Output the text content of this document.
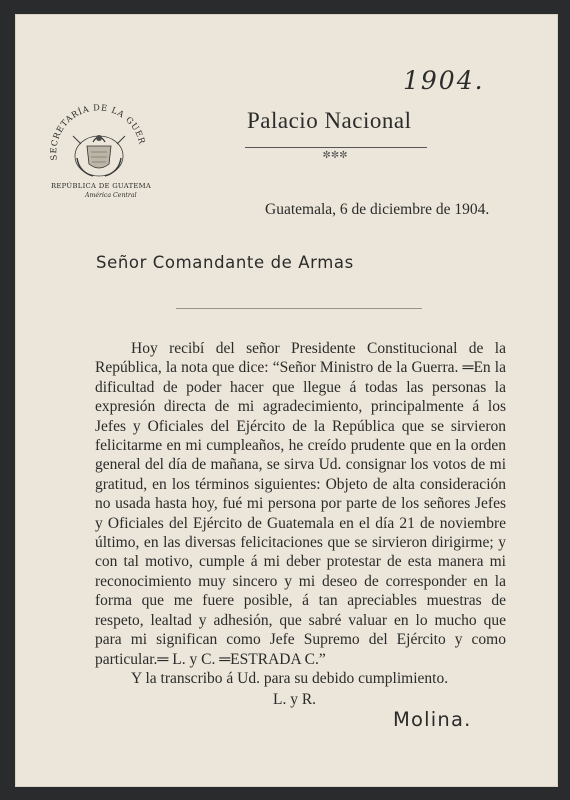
SECRETARÍA DE LA GUER
REPÚBLICA DE GUATEMALA
América Central
1904.
Palacio Nacional
✼✼✼
Guatemala, 6 de diciembre de 1904.
Señor Comandante de Armas

Hoy recibí del señor Presidente Constitucional de la República, la nota que dice: “Señor Ministro de la Guerra. ═En la dificultad de poder hacer que llegue á todas las personas la expresión directa de mi agradecimiento, principalmente á los Jefes y Oficiales del Ejército de la República que se sirvieron felicitarme en mi cumpleaños, he creído prudente que en la orden general del día de mañana, se sirva Ud. consignar los votos de mi gratitud, en los términos siguientes: Objeto de alta consideración no usada hasta hoy, fué mi persona por parte de los señores Jefes y Oficiales del Ejército de Guatemala en el día 21 de noviembre último, en las diversas felicitaciones que se sirvieron dirigirme; y con tal motivo, cumple á mi deber protestar de esta manera mi reconocimiento muy sincero y mi deseo de corresponder en la forma que me fuere posible, á tan apreciables muestras de respeto, lealtad y adhesión, que sabré valuar en lo mucho que para mi significan como Jefe Supremo del Ejército y como particular.═ L. y C. ═ESTRADA C.”

Y la transcribo á Ud. para su debido cumplimiento.

L. y R.
Molina.
